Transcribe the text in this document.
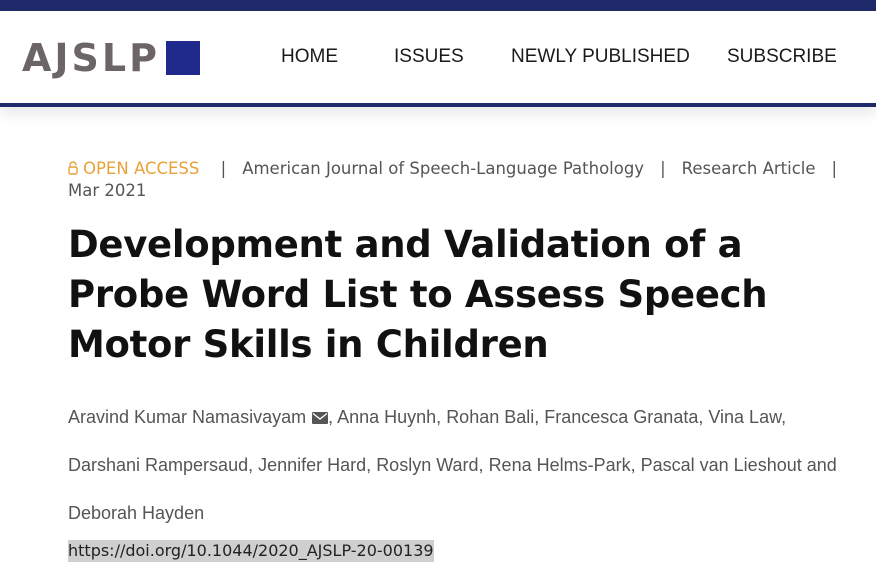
AJSLP	HOME	ISSUES NEWLY PUBLISHED SUBSCRIBE
OPEN ACCESS | American Journal of Speech-Language Pathology | Research Article |
Mar 2021
Development and Validation of a Probe Word List to Assess Speech Motor Skills in Children
Aravind Kumar Namasivayam , Anna Huynh, Rohan Bali, Francesca Granata, Vina Law,
Darshani Rampersaud, Jennifer Hard, Roslyn Ward, Rena Helms-Park, Pascal van Lieshout and
Deborah Hayden
https://doi.org/10.1044/2020_AJSLP-20-00139
